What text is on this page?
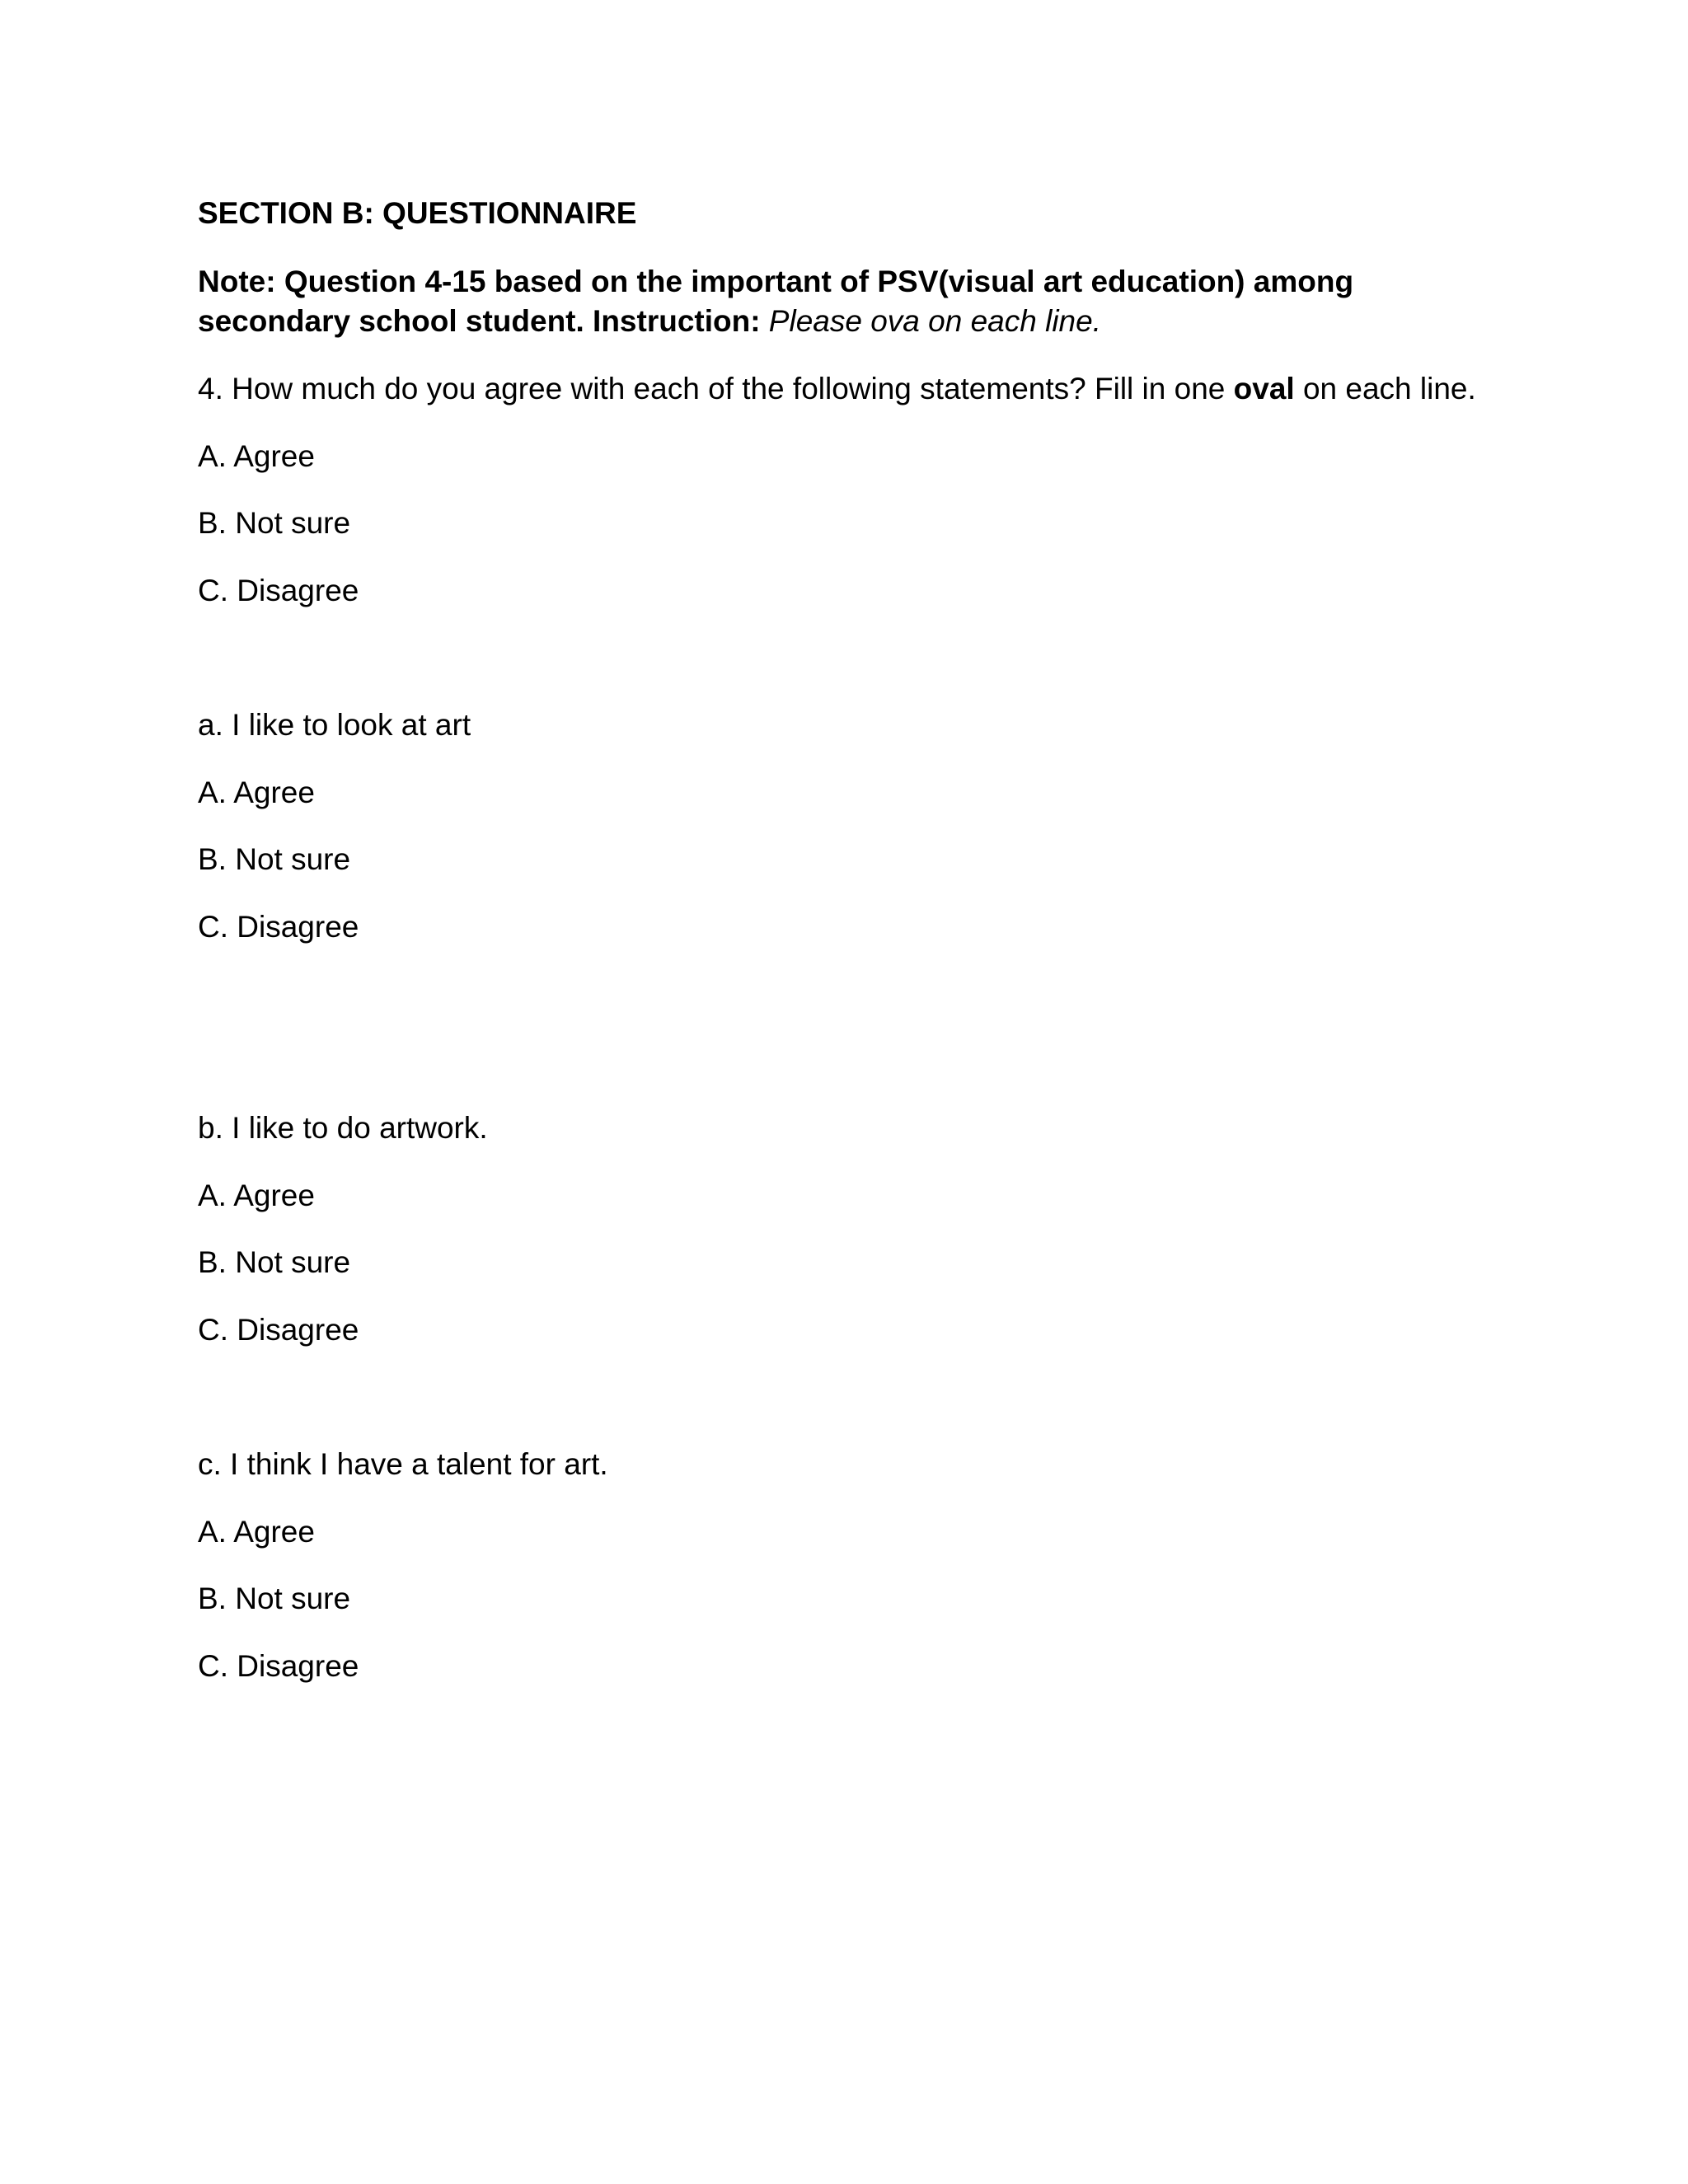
SECTION B: QUESTIONNAIRE

Note: Question 4-15 based on the important of PSV(visual art education) among

secondary school student. Instruction: Please ova on each line.

4. How much do you agree with each of the following statements? Fill in one oval on each line.

A. Agree

B. Not sure

C. Disagree

a. I like to look at art

A. Agree

B. Not sure

C. Disagree

b. I like to do artwork.

A. Agree

B. Not sure

C. Disagree

c. I think I have a talent for art.

A. Agree

B. Not sure

C. Disagree
